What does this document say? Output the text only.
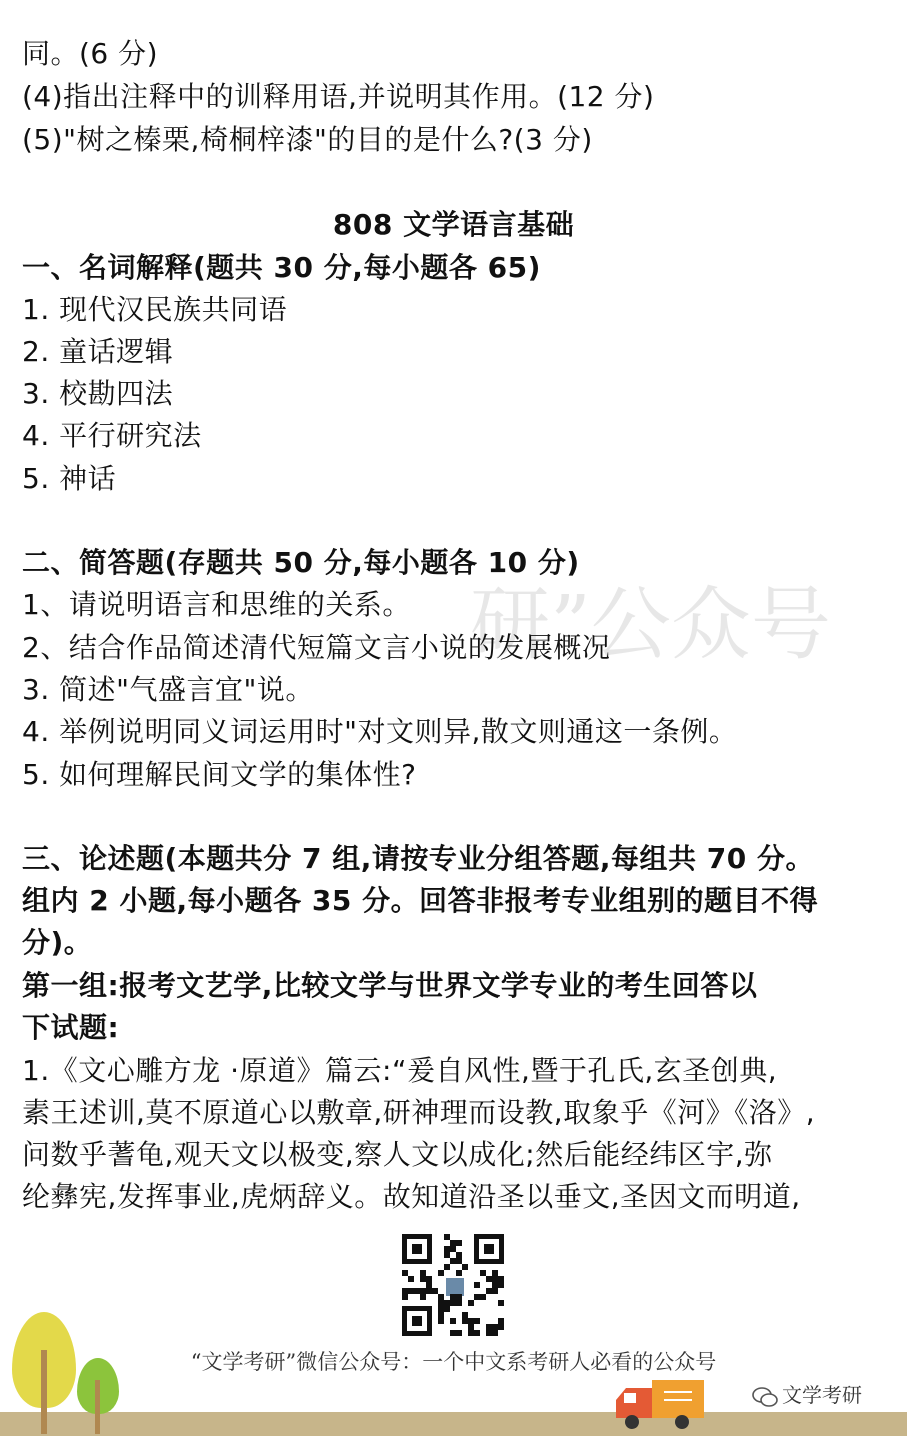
研”公众号
同。(6 分)
(4)指出注释中的训释用语,并说明其作用。(12 分)
(5)"树之榛栗,椅桐梓漆"的目的是什么?(3 分)
808 文学语言基础
一、名词解释(题共 30 分,每小题各 65)
1. 现代汉民族共同语
2. 童话逻辑
3. 校勘四法
4. 平行研究法
5. 神话
二、简答题(存题共 50 分,每小题各 10 分)
1、请说明语言和思维的关系。
2、结合作品简述清代短篇文言小说的发展概况
3. 简述"气盛言宜"说。
4. 举例说明同义词运用时"对文则异,散文则通这一条例。
5. 如何理解民间文学的集体性?
三、论述题(本题共分 7 组,请按专业分组答题,每组共 70 分。
组内 2 小题,每小题各 35 分。回答非报考专业组别的题目不得
分)。
第一组:报考文艺学,比较文学与世界文学专业的考生回答以
下试题:
1.《文心雕方龙 ·原道》篇云:“爰自风性,暨于孔氏,玄圣创典,
素王述训,莫不原道心以敷章,研神理而设教,取象乎《河》《洛》,
问数乎蓍龟,观天文以极变,察人文以成化;然后能经纬区宇,弥
纶彝宪,发挥事业,虎炳辞义。故知道沿圣以垂文,圣因文而明道,
“文学考研”微信公众号：一个中文系考研人必看的公众号
文学考研
